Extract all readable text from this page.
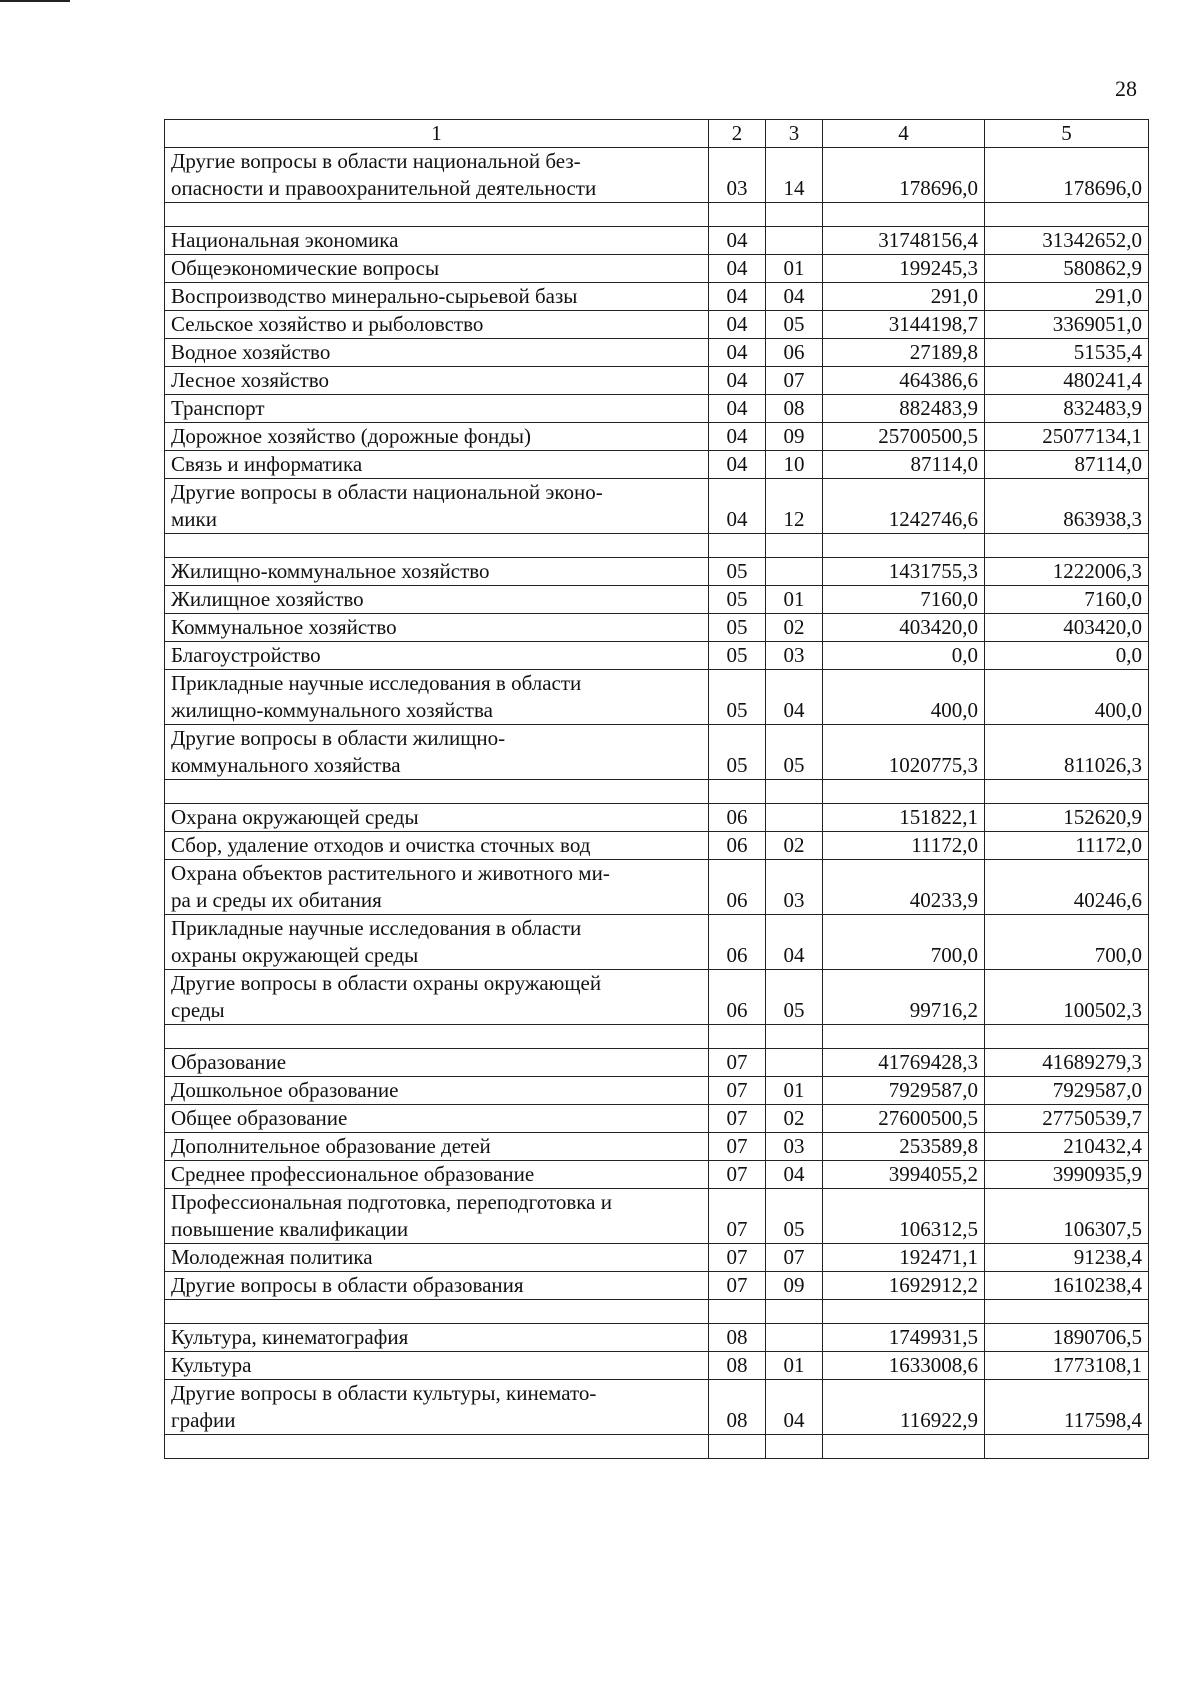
28
1	2	3	4	5
Другие вопросы в области национальной без-
опасности и правоохранительной деятельности	03	14	178696,0	178696,0

Национальная экономика	04		31748156,4	31342652,0
Общеэкономические вопросы	04	01	199245,3	580862,9
Воспроизводство минерально-сырьевой базы	04	04	291,0	291,0
Сельское хозяйство и рыболовство	04	05	3144198,7	3369051,0
Водное хозяйство	04	06	27189,8	51535,4
Лесное хозяйство	04	07	464386,6	480241,4
Транспорт	04	08	882483,9	832483,9
Дорожное хозяйство (дорожные фонды)	04	09	25700500,5	25077134,1
Связь и информатика	04	10	87114,0	87114,0
Другие вопросы в области национальной эконо-
мики	04	12	1242746,6	863938,3

Жилищно-коммунальное хозяйство	05		1431755,3	1222006,3
Жилищное хозяйство	05	01	7160,0	7160,0
Коммунальное хозяйство	05	02	403420,0	403420,0
Благоустройство	05	03	0,0	0,0
Прикладные научные исследования в области
жилищно-коммунального хозяйства	05	04	400,0	400,0
Другие вопросы в области жилищно-
коммунального хозяйства	05	05	1020775,3	811026,3

Охрана окружающей среды	06		151822,1	152620,9
Сбор, удаление отходов и очистка сточных вод	06	02	11172,0	11172,0
Охрана объектов растительного и животного ми-
ра и среды их обитания	06	03	40233,9	40246,6
Прикладные научные исследования в области
охраны окружающей среды	06	04	700,0	700,0
Другие вопросы в области охраны окружающей
среды	06	05	99716,2	100502,3

Образование	07		41769428,3	41689279,3
Дошкольное образование	07	01	7929587,0	7929587,0
Общее образование	07	02	27600500,5	27750539,7
Дополнительное образование детей	07	03	253589,8	210432,4
Среднее профессиональное образование	07	04	3994055,2	3990935,9
Профессиональная подготовка, переподготовка и
повышение квалификации	07	05	106312,5	106307,5
Молодежная политика	07	07	192471,1	91238,4
Другие вопросы в области образования	07	09	1692912,2	1610238,4

Культура, кинематография	08		1749931,5	1890706,5
Культура	08	01	1633008,6	1773108,1
Другие вопросы в области культуры, кинемато-
графии	08	04	116922,9	117598,4
